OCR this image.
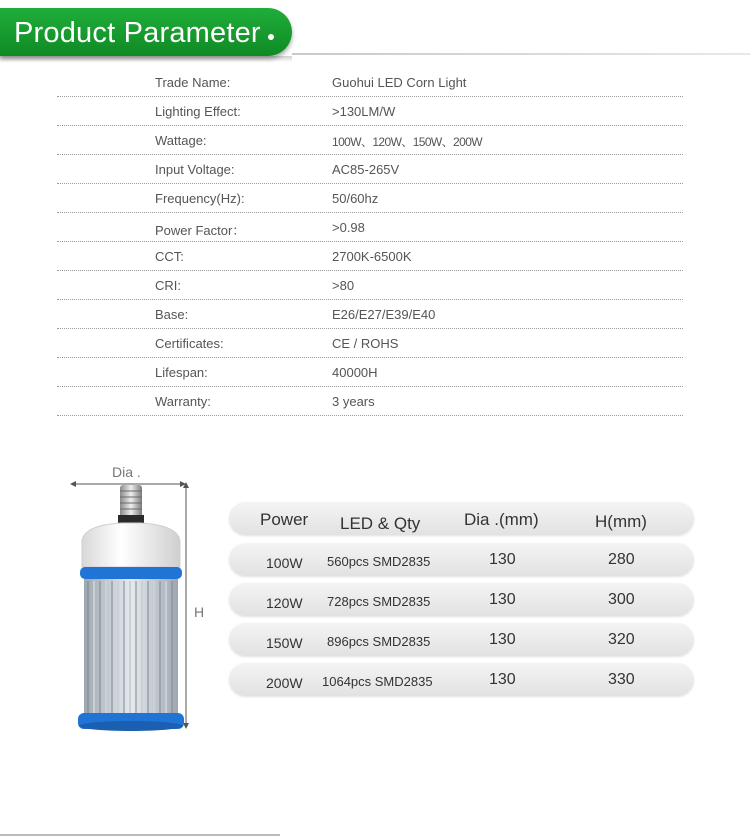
Product Parameter
Trade Name:	Guohui LED Corn Light
Lighting Effect:	>130LM/W
Wattage:	100W、120W、150W、200W
Input Voltage:	AC85-265V
Frequency(Hz):	50/60hz
Power Factor：	>0.98
CCT:	2700K-6500K
CRI:	>80
Base:	E26/E27/E39/E40
Certificates:	CE / ROHS
Lifespan:	40000H
Warranty:	3 years
Dia .
H
Power LED & Qty	Dia .(mm)	H(mm)
100W 560pcs SMD2835	130	280
120W 728pcs SMD2835	130	300
150W 896pcs SMD2835	130	320
200W 1064pcs SMD2835	130	330
